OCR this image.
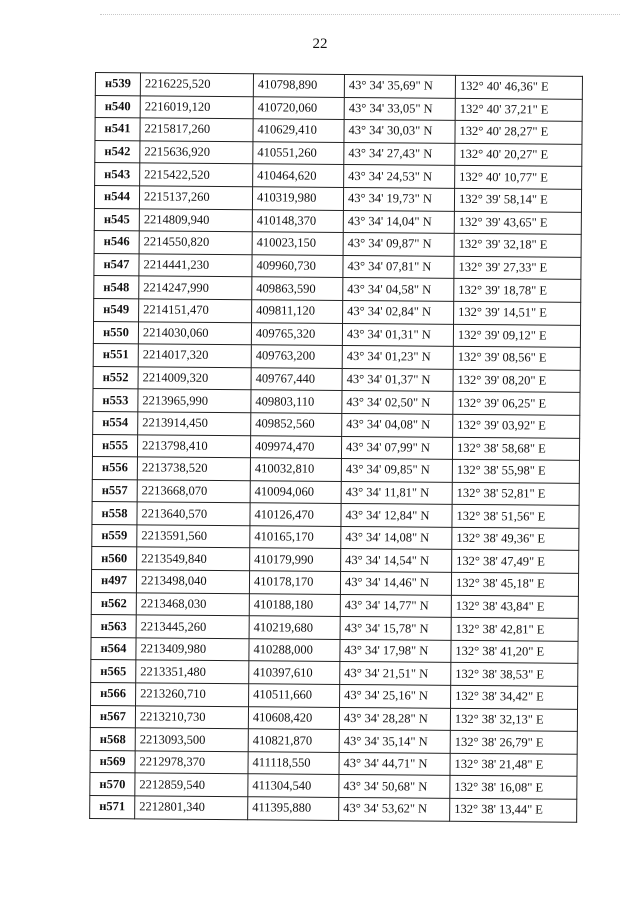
22
н539	2216225,520	410798,890	43° 34' 35,69" N	132° 40' 46,36" E
н540	2216019,120	410720,060	43° 34' 33,05" N	132° 40' 37,21" E
н541	2215817,260	410629,410	43° 34' 30,03" N	132° 40' 28,27" E
н542	2215636,920	410551,260	43° 34' 27,43" N	132° 40' 20,27" E
н543	2215422,520	410464,620	43° 34' 24,53" N	132° 40' 10,77" E
н544	2215137,260	410319,980	43° 34' 19,73" N	132° 39' 58,14" E
н545	2214809,940	410148,370	43° 34' 14,04" N	132° 39' 43,65" E
н546	2214550,820	410023,150	43° 34' 09,87" N	132° 39' 32,18" E
н547	2214441,230	409960,730	43° 34' 07,81" N	132° 39' 27,33" E
н548	2214247,990	409863,590	43° 34' 04,58" N	132° 39' 18,78" E
н549	2214151,470	409811,120	43° 34' 02,84" N	132° 39' 14,51" E
н550	2214030,060	409765,320	43° 34' 01,31" N	132° 39' 09,12" E
н551	2214017,320	409763,200	43° 34' 01,23" N	132° 39' 08,56" E
н552	2214009,320	409767,440	43° 34' 01,37" N	132° 39' 08,20" E
н553	2213965,990	409803,110	43° 34' 02,50" N	132° 39' 06,25" E
н554	2213914,450	409852,560	43° 34' 04,08" N	132° 39' 03,92" E
н555	2213798,410	409974,470	43° 34' 07,99" N	132° 38' 58,68" E
н556	2213738,520	410032,810	43° 34' 09,85" N	132° 38' 55,98" E
н557	2213668,070	410094,060	43° 34' 11,81" N	132° 38' 52,81" E
н558	2213640,570	410126,470	43° 34' 12,84" N	132° 38' 51,56" E
н559	2213591,560	410165,170	43° 34' 14,08" N	132° 38' 49,36" E
н560	2213549,840	410179,990	43° 34' 14,54" N	132° 38' 47,49" E
н497	2213498,040	410178,170	43° 34' 14,46" N	132° 38' 45,18" E
н562	2213468,030	410188,180	43° 34' 14,77" N	132° 38' 43,84" E
н563	2213445,260	410219,680	43° 34' 15,78" N	132° 38' 42,81" E
н564	2213409,980	410288,000	43° 34' 17,98" N	132° 38' 41,20" E
н565	2213351,480	410397,610	43° 34' 21,51" N	132° 38' 38,53" E
н566	2213260,710	410511,660	43° 34' 25,16" N	132° 38' 34,42" E
н567	2213210,730	410608,420	43° 34' 28,28" N	132° 38' 32,13" E
н568	2213093,500	410821,870	43° 34' 35,14" N	132° 38' 26,79" E
н569	2212978,370	411118,550	43° 34' 44,71" N	132° 38' 21,48" E
н570	2212859,540	411304,540	43° 34' 50,68" N	132° 38' 16,08" E
н571	2212801,340	411395,880	43° 34' 53,62" N	132° 38' 13,44" E
